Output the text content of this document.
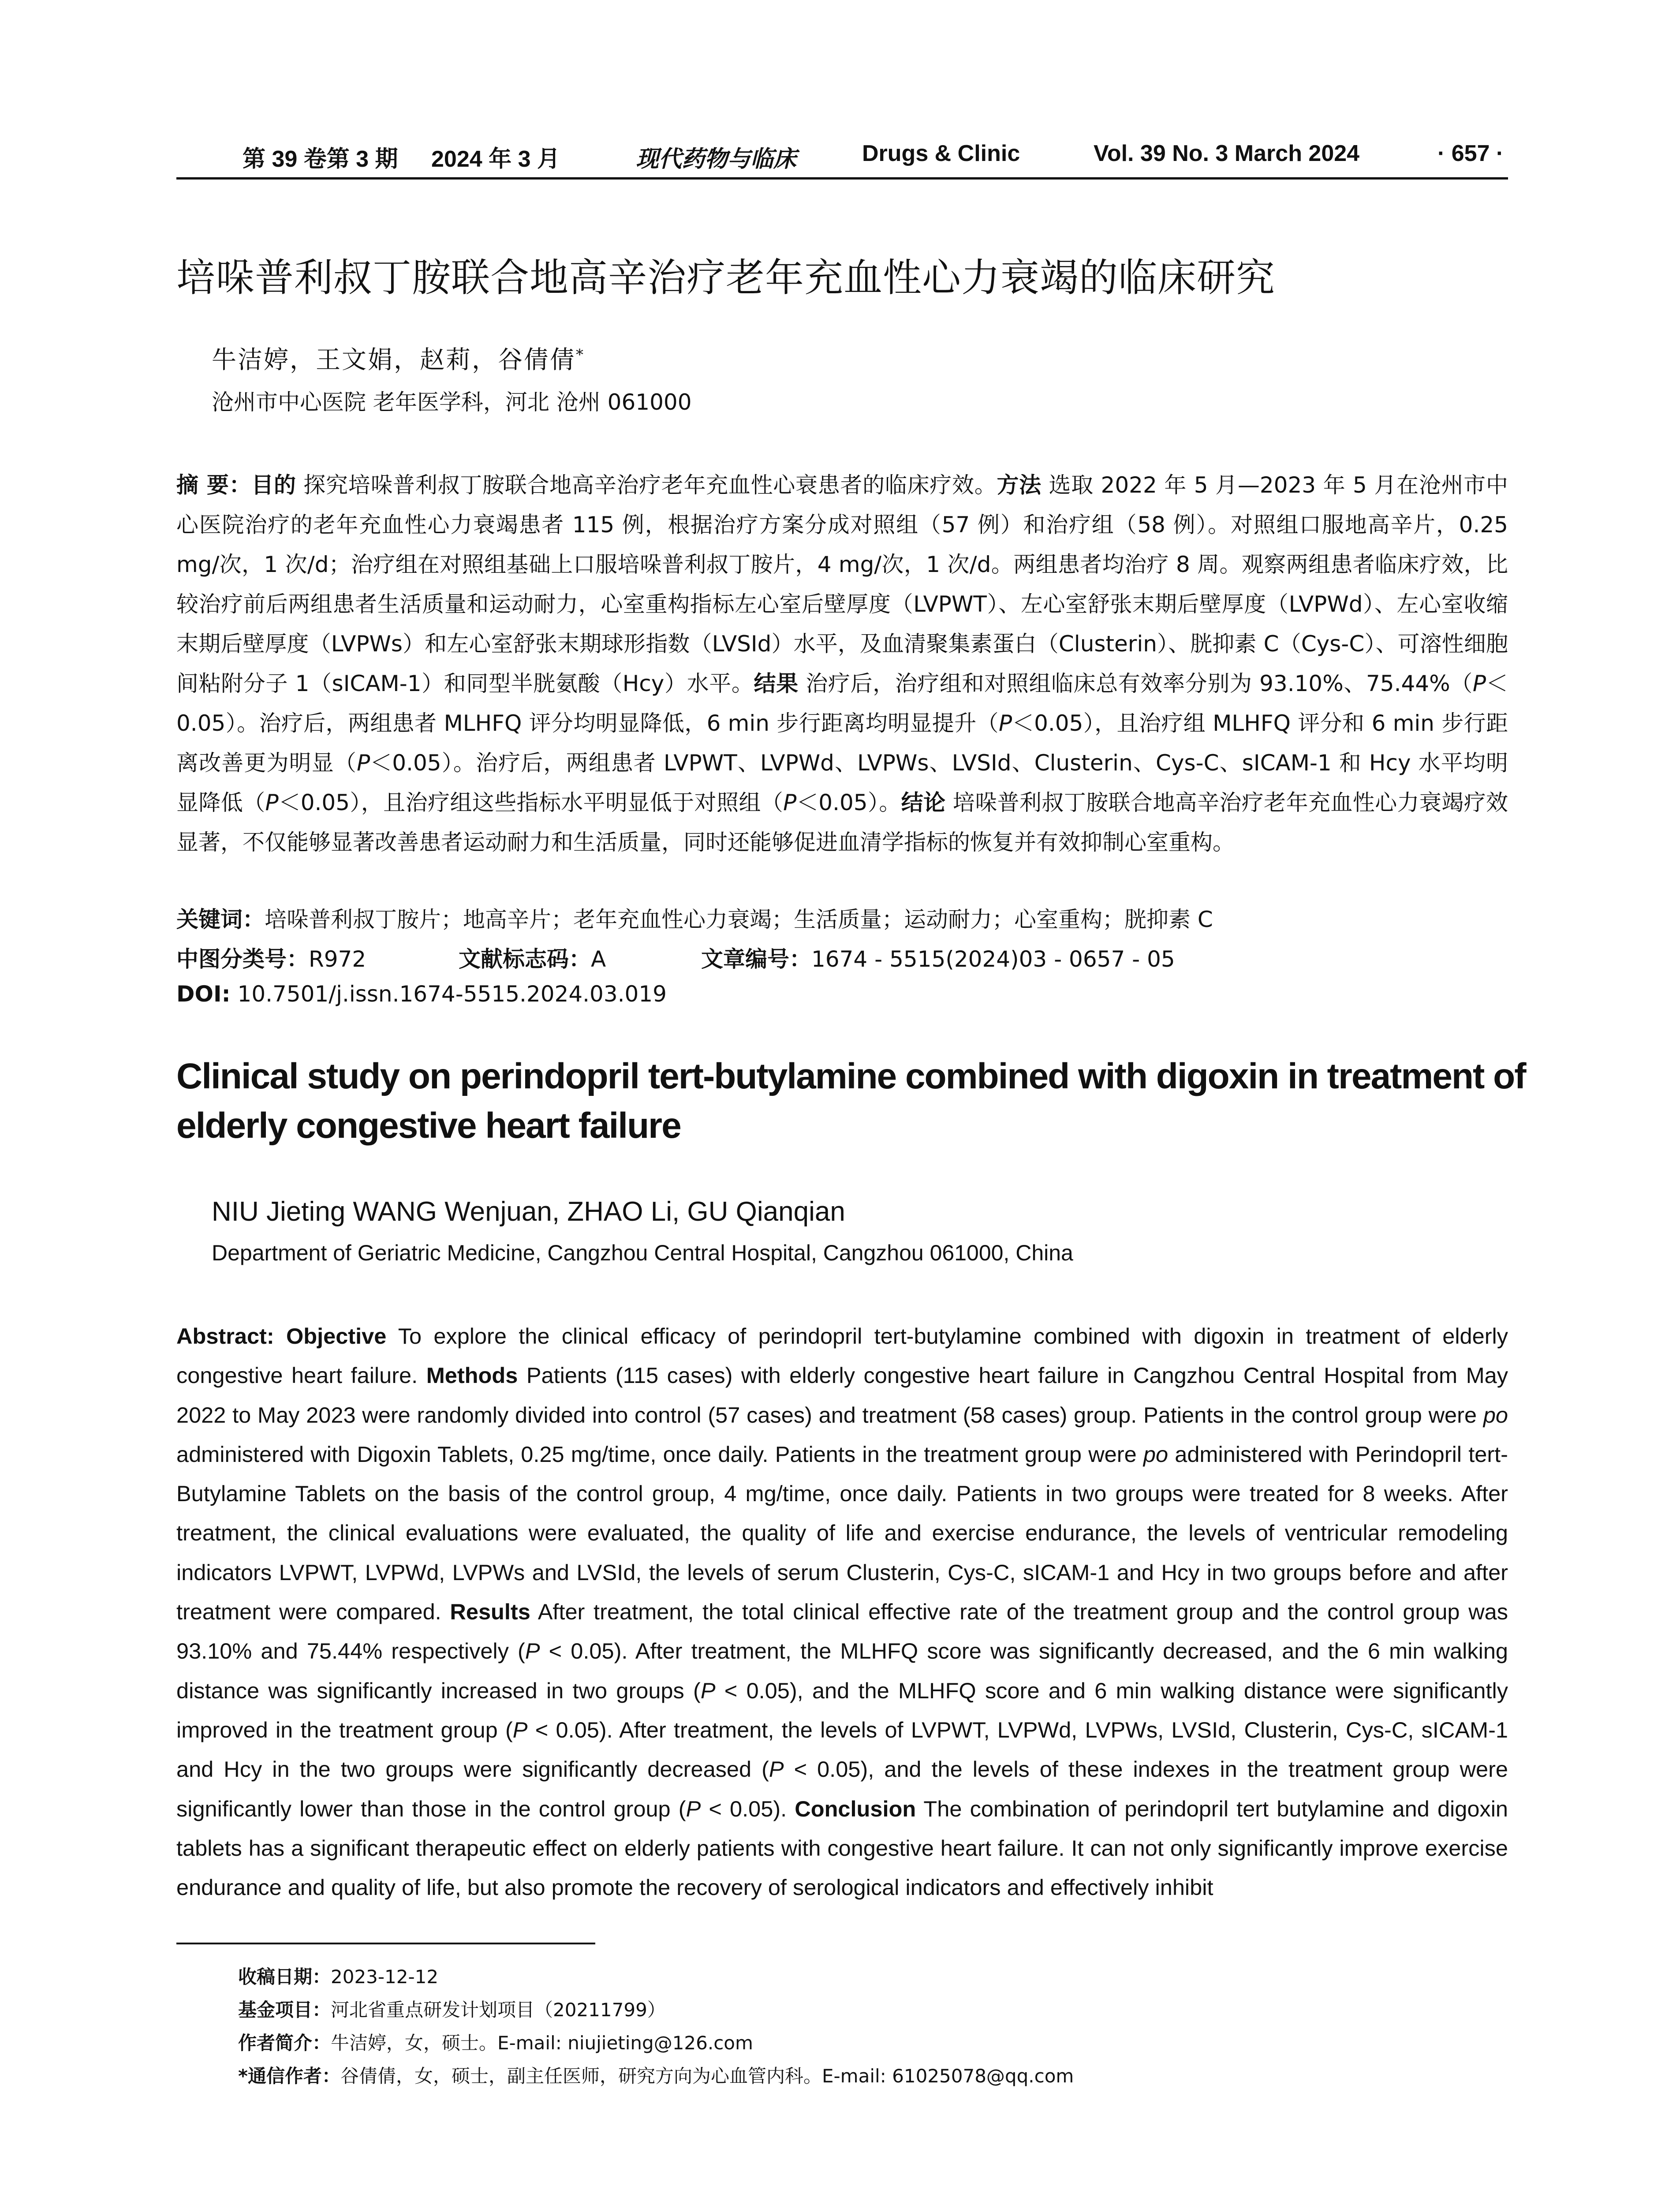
第 39 卷第 3 期 2024 年 3 月	现代药物与临床	Drugs & Clinic	Vol. 39 No. 3 March 2024	· 657 ·
培哚普利叔丁胺联合地高辛治疗老年充血性心力衰竭的临床研究
牛洁婷，王文娟，赵莉，谷倩倩*
沧州市中心医院 老年医学科，河北 沧州 061000
摘 要：目的 探究培哚普利叔丁胺联合地高辛治疗老年充血性心衰患者的临床疗效。方法 选取 2022 年 5 月—2023 年 5 月在沧州市中心医院治疗的老年充血性心力衰竭患者 115 例，根据治疗方案分成对照组（57 例）和治疗组（58 例）。对照组口服地高辛片，0.25 mg/次，1 次/d；治疗组在对照组基础上口服培哚普利叔丁胺片，4 mg/次，1 次/d。两组患者均治疗 8 周。观察两组患者临床疗效，比较治疗前后两组患者生活质量和运动耐力，心室重构指标左心室后壁厚度（LVPWT）、左心室舒张末期后壁厚度（LVPWd）、左心室收缩末期后壁厚度（LVPWs）和左心室舒张末期球形指数（LVSId）水平，及血清聚集素蛋白（Clusterin）、胱抑素 C（Cys-C）、可溶性细胞间粘附分子 1（sICAM-1）和同型半胱氨酸（Hcy）水平。结果 治疗后，治疗组和对照组临床总有效率分别为 93.10%、75.44%（P＜0.05）。治疗后，两组患者 MLHFQ 评分均明显降低，6 min 步行距离均明显提升（P＜0.05），且治疗组 MLHFQ 评分和 6 min 步行距离改善更为明显（P＜0.05）。治疗后，两组患者 LVPWT、LVPWd、LVPWs、LVSId、Clusterin、Cys-C、sICAM-1 和 Hcy 水平均明显降低（P＜0.05），且治疗组这些指标水平明显低于对照组（P＜0.05）。结论 培哚普利叔丁胺联合地高辛治疗老年充血性心力衰竭疗效显著，不仅能够显著改善患者运动耐力和生活质量，同时还能够促进血清学指标的恢复并有效抑制心室重构。
关键词：培哚普利叔丁胺片；地高辛片；老年充血性心力衰竭；生活质量；运动耐力；心室重构；胱抑素 C
中图分类号：R972	文献标志码：A	文章编号：1674 - 5515(2024)03 - 0657 - 05
DOI: 10.7501/j.issn.1674-5515.2024.03.019
Clinical study on perindopril tert-butylamine combined with digoxin in treatment of elderly congestive heart failure
NIU Jieting WANG Wenjuan, ZHAO Li, GU Qianqian
Department of Geriatric Medicine, Cangzhou Central Hospital, Cangzhou 061000, China
Abstract: Objective To explore the clinical efficacy of perindopril tert-butylamine combined with digoxin in treatment of elderly congestive heart failure. Methods Patients (115 cases) with elderly congestive heart failure in Cangzhou Central Hospital from May 2022 to May 2023 were randomly divided into control (57 cases) and treatment (58 cases) group. Patients in the control group were po administered with Digoxin Tablets, 0.25 mg/time, once daily. Patients in the treatment group were po administered with Perindopril tert-Butylamine Tablets on the basis of the control group, 4 mg/time, once daily. Patients in two groups were treated for 8 weeks. After treatment, the clinical evaluations were evaluated, the quality of life and exercise endurance, the levels of ventricular remodeling indicators LVPWT, LVPWd, LVPWs and LVSId, the levels of serum Clusterin, Cys-C, sICAM-1 and Hcy in two groups before and after treatment were compared. Results After treatment, the total clinical effective rate of the treatment group and the control group was 93.10% and 75.44% respectively (P < 0.05). After treatment, the MLHFQ score was significantly decreased, and the 6 min walking distance was significantly increased in two groups (P < 0.05), and the MLHFQ score and 6 min walking distance were significantly improved in the treatment group (P < 0.05). After treatment, the levels of LVPWT, LVPWd, LVPWs, LVSId, Clusterin, Cys-C, sICAM-1 and Hcy in the two groups were significantly decreased (P < 0.05), and the levels of these indexes in the treatment group were significantly lower than those in the control group (P < 0.05). Conclusion The combination of perindopril tert butylamine and digoxin tablets has a significant therapeutic effect on elderly patients with congestive heart failure. It can not only significantly improve exercise endurance and quality of life, but also promote the recovery of serological indicators and effectively inhibit
收稿日期：2023-12-12
基金项目：河北省重点研发计划项目（20211799）
作者简介：牛洁婷，女，硕士。E-mail: niujieting@126.com
*通信作者：谷倩倩，女，硕士，副主任医师，研究方向为心血管内科。E-mail: 61025078@qq.com
